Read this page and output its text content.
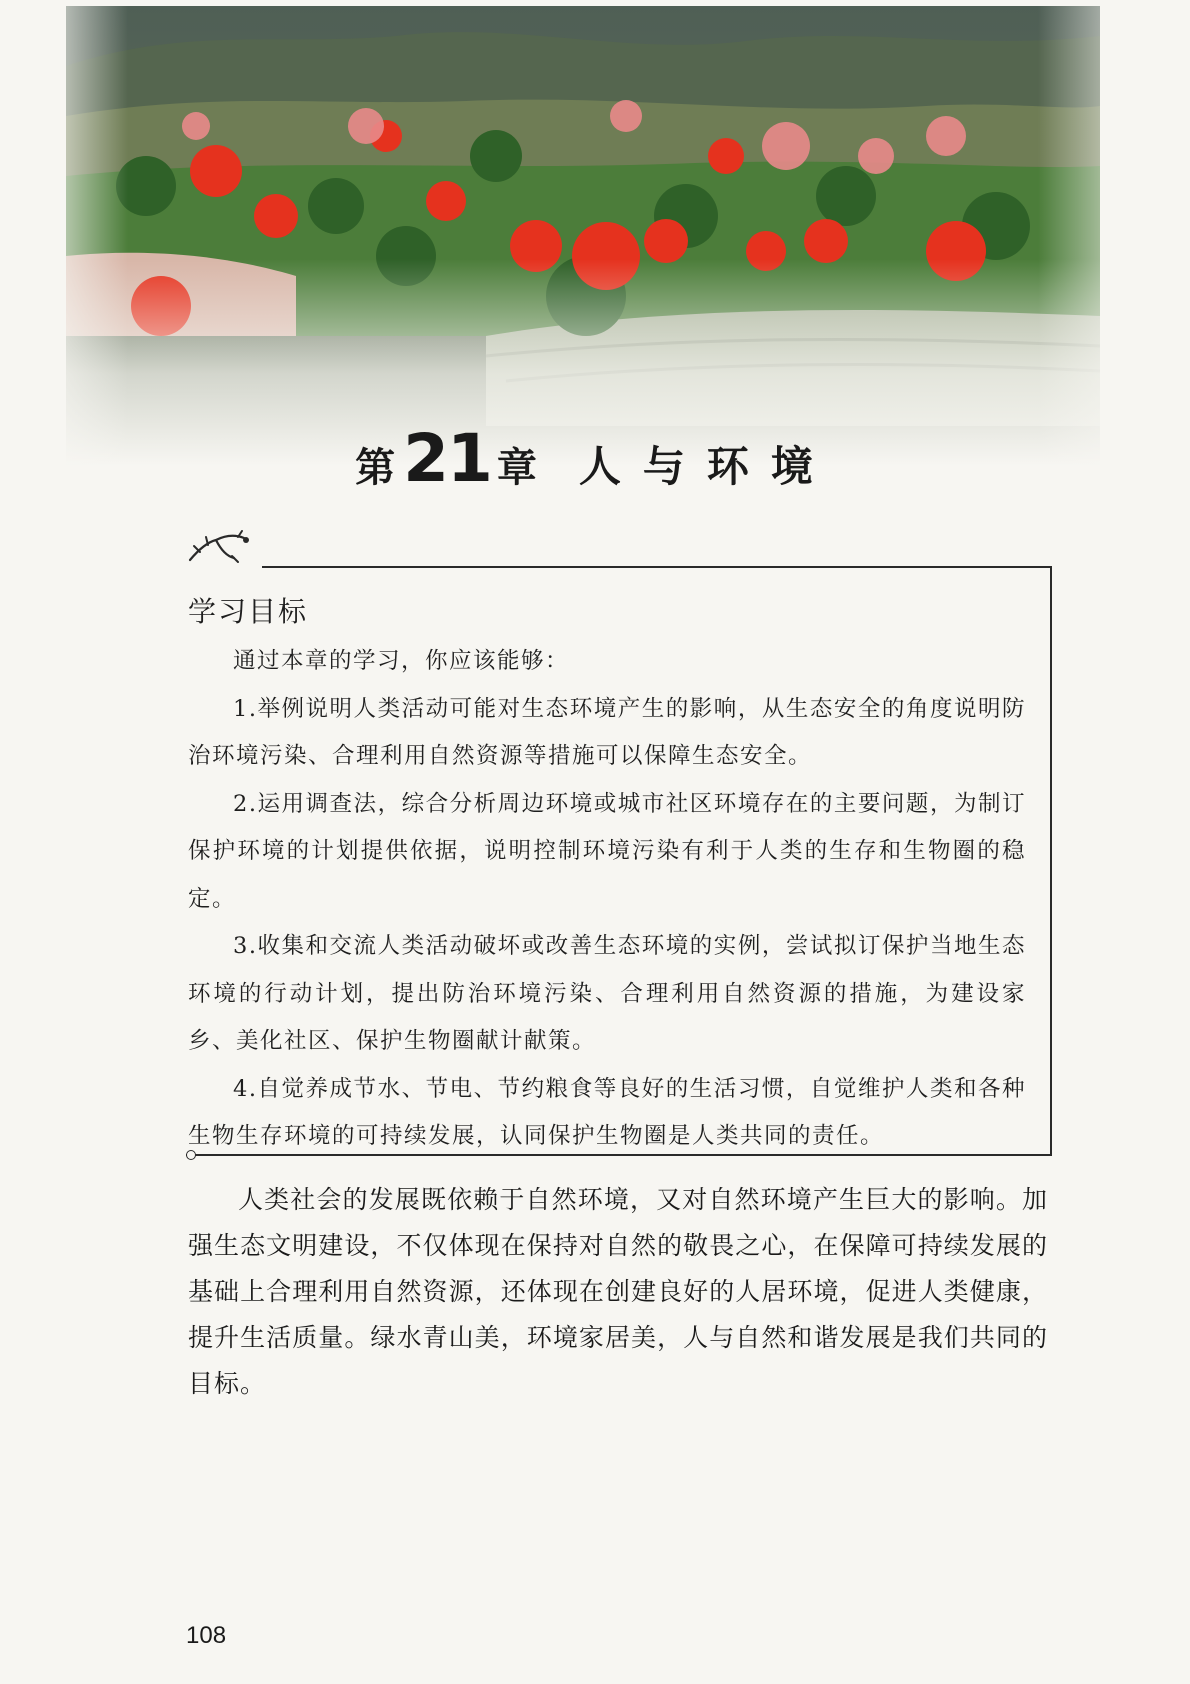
第21 章 人与环境
学习目标

通过本章的学习，你应该能够：

1.举例说明人类活动可能对生态环境产生的影响，从生态安全的角度说明防治环境污染、合理利用自然资源等措施可以保障生态安全。

2.运用调查法，综合分析周边环境或城市社区环境存在的主要问题，为制订保护环境的计划提供依据，说明控制环境污染有利于人类的生存和生物圈的稳定。

3.收集和交流人类活动破坏或改善生态环境的实例，尝试拟订保护当地生态环境的行动计划，提出防治环境污染、合理利用自然资源的措施，为建设家乡、美化社区、保护生物圈献计献策。

4.自觉养成节水、节电、节约粮食等良好的生活习惯，自觉维护人类和各种生物生存环境的可持续发展，认同保护生物圈是人类共同的责任。

人类社会的发展既依赖于自然环境，又对自然环境产生巨大的影响。加强生态文明建设，不仅体现在保持对自然的敬畏之心，在保障可持续发展的基础上合理利用自然资源，还体现在创建良好的人居环境，促进人类健康，提升生活质量。绿水青山美，环境家居美，人与自然和谐发展是我们共同的目标。

108
